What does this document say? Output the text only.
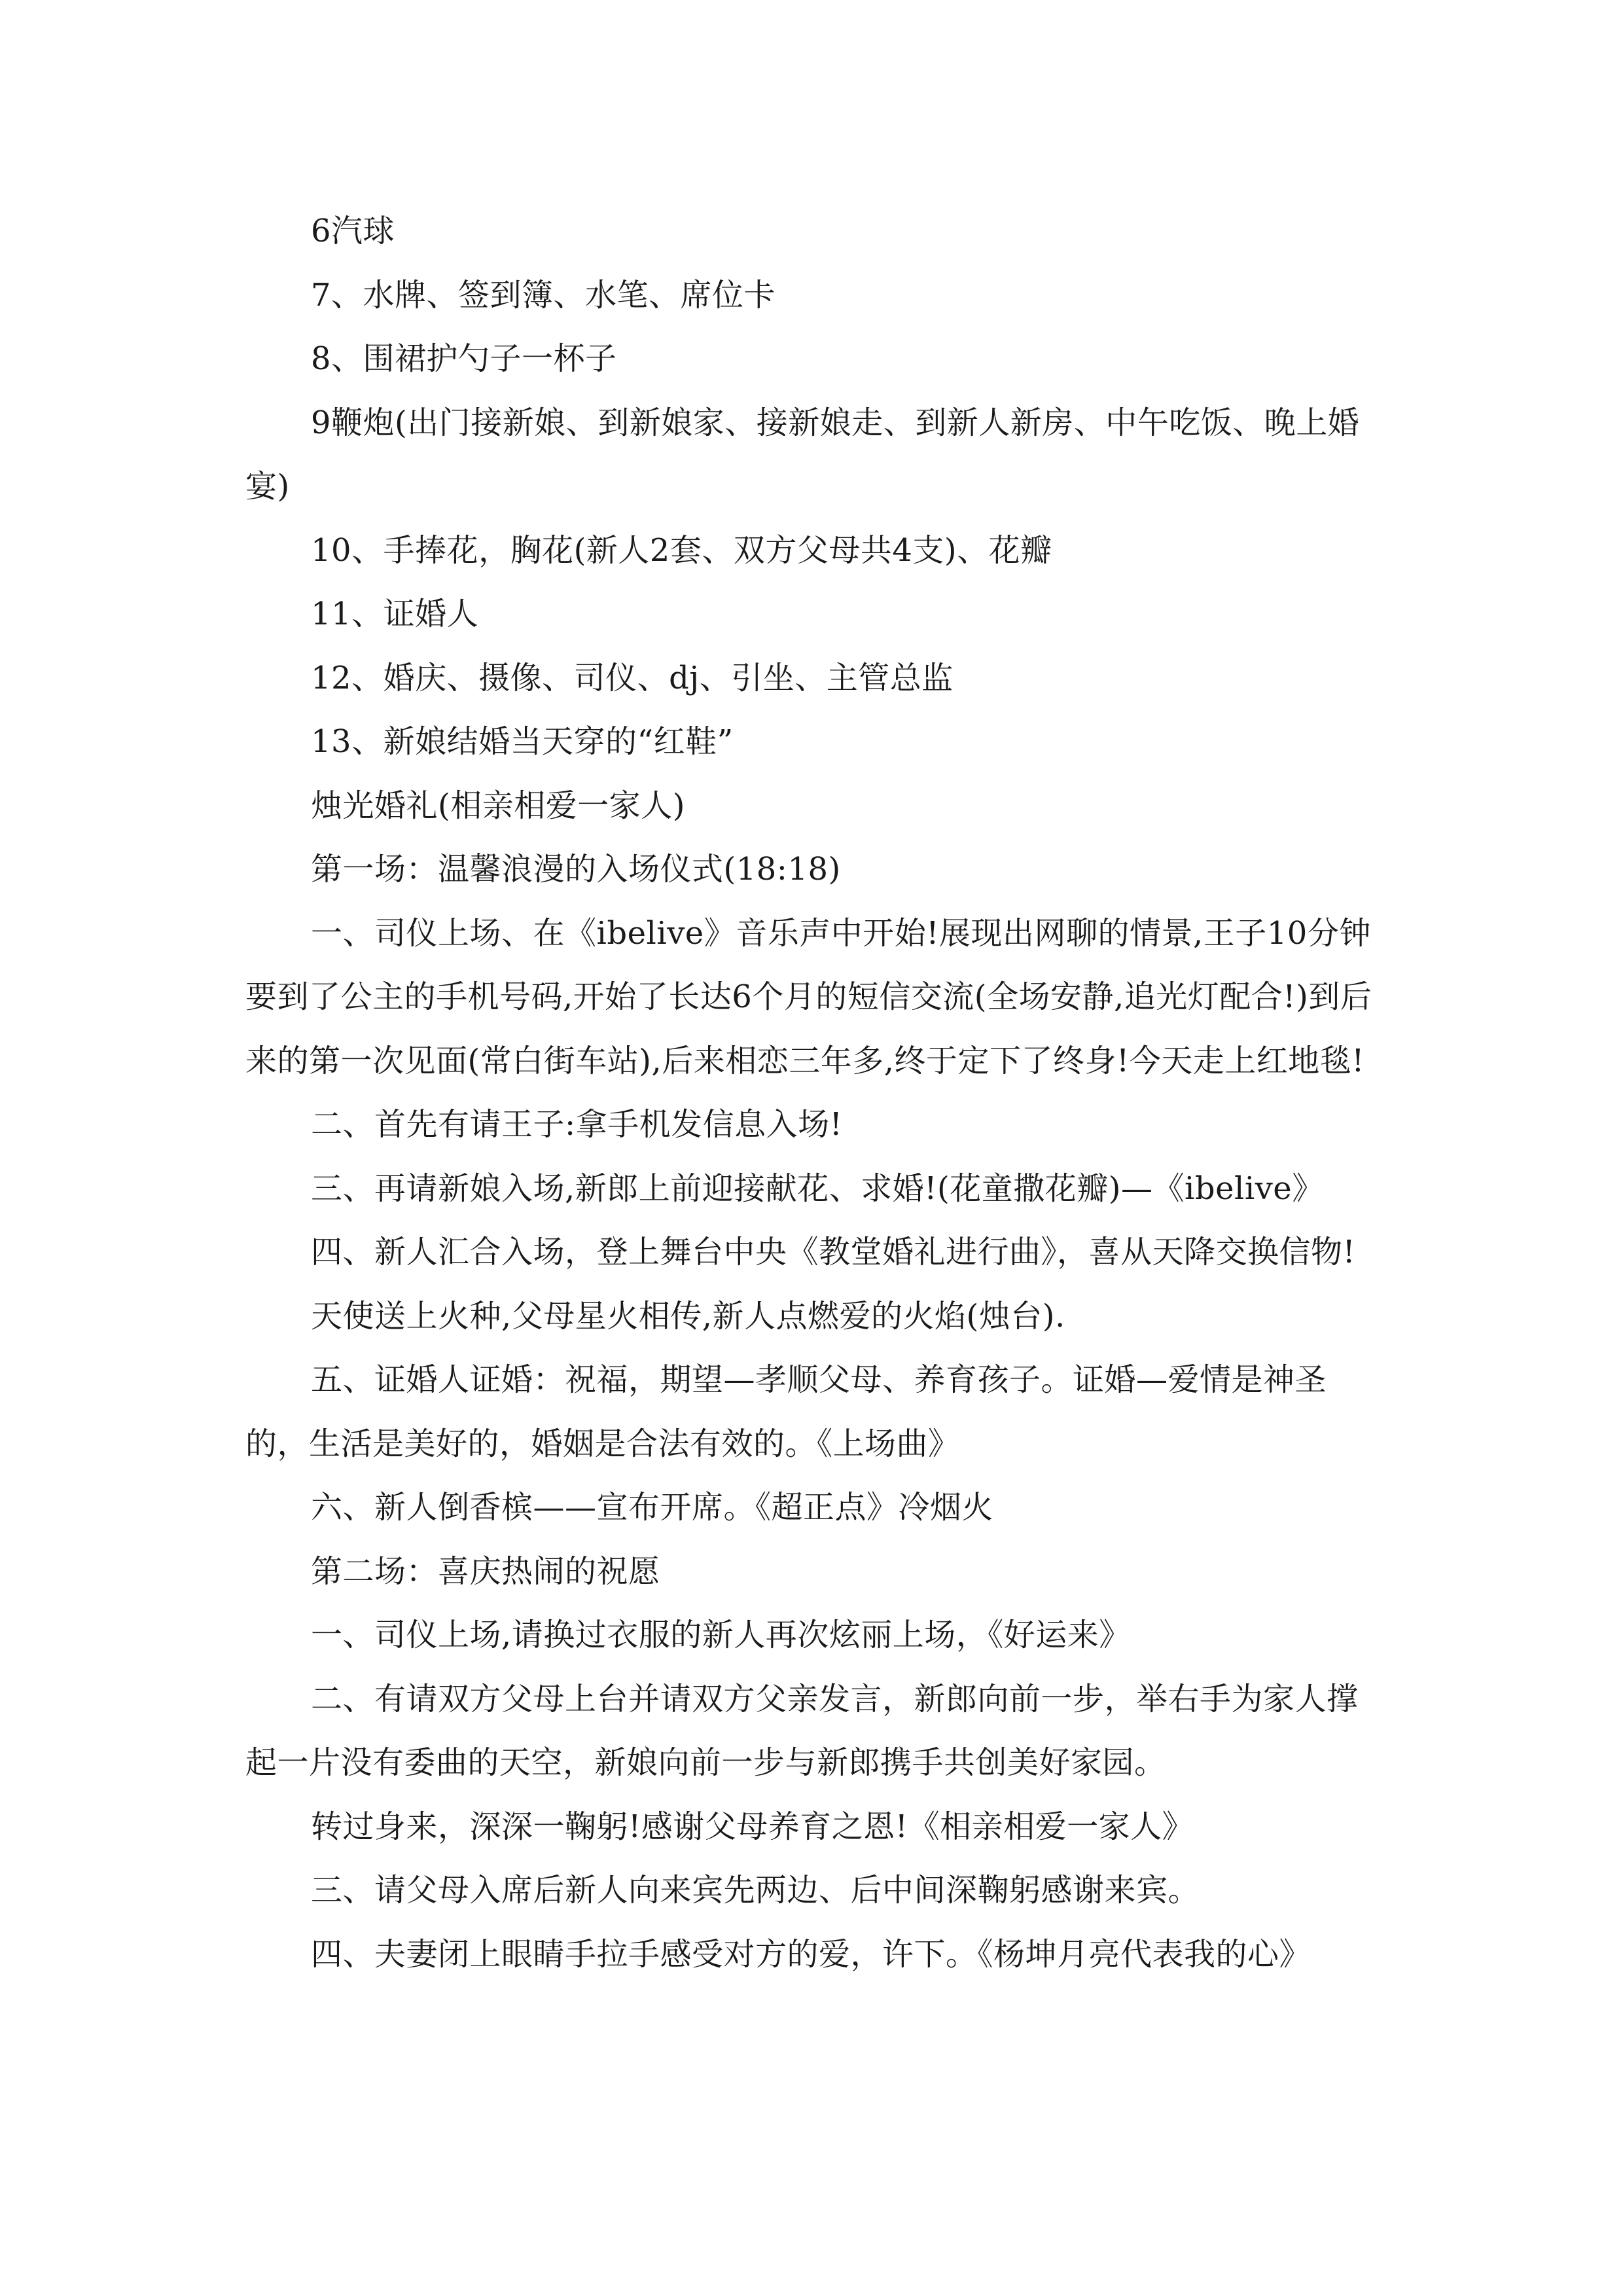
6汽球

7、水牌、签到簿、水笔、席位卡

8、围裙护勺子一杯子

9鞭炮(出门接新娘、到新娘家、接新娘走、到新人新房、中午吃饭、晚上婚宴)

10、手捧花，胸花(新人2套、双方父母共4支)、花瓣

11、证婚人

12、婚庆、摄像、司仪、dj、引坐、主管总监

13、新娘结婚当天穿的“红鞋”

烛光婚礼(相亲相爱一家人)

第一场：温馨浪漫的入场仪式(18:18)

一、司仪上场、在《ibelive》音乐声中开始!展现出网聊的情景,王子10分钟要到了公主的手机号码,开始了长达6个月的短信交流(全场安静,追光灯配合!)到后来的第一次见面(常白街车站),后来相恋三年多,终于定下了终身!今天走上红地毯!

二、首先有请王子:拿手机发信息入场!

三、再请新娘入场,新郎上前迎接献花、求婚!(花童撒花瓣)—《ibelive》

四、新人汇合入场，登上舞台中央《教堂婚礼进行曲》，喜从天降交换信物!

天使送上火种,父母星火相传,新人点燃爱的火焰(烛台).

五、证婚人证婚：祝福，期望—孝顺父母、养育孩子。证婚—爱情是神圣的，生活是美好的，婚姻是合法有效的。《上场曲》

六、新人倒香槟——宣布开席。《超正点》冷烟火

第二场：喜庆热闹的祝愿

一、司仪上场,请换过衣服的新人再次炫丽上场，《好运来》

二、有请双方父母上台并请双方父亲发言，新郎向前一步，举右手为家人撑起一片没有委曲的天空，新娘向前一步与新郎携手共创美好家园。

转过身来，深深一鞠躬!感谢父母养育之恩!《相亲相爱一家人》

三、请父母入席后新人向来宾先两边、后中间深鞠躬感谢来宾。

四、夫妻闭上眼睛手拉手感受对方的爱，许下。《杨坤月亮代表我的心》
